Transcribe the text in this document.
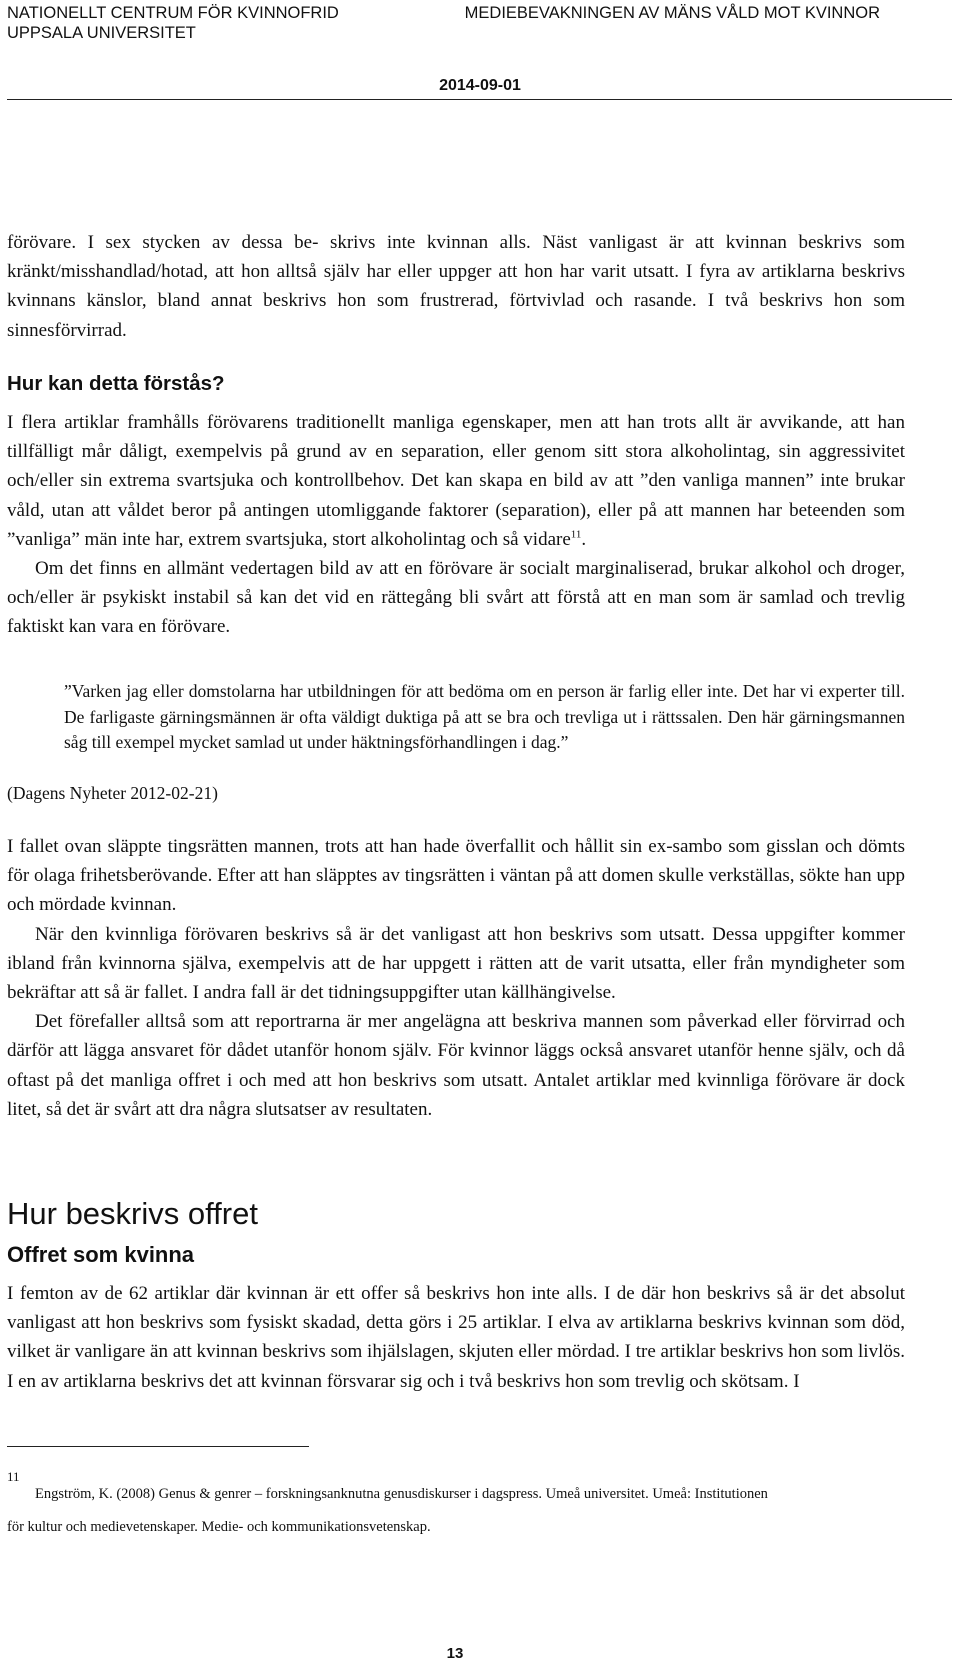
NATIONELLT CENTRUM FÖR KVINNOFRID
UPPSALA UNIVERSITET
MEDIEBEVAKNINGEN AV MÄNS VÅLD MOT KVINNOR
2014-09-01

förövare. I sex stycken av dessa be- skrivs inte kvinnan alls. Näst vanligast är att kvinnan beskrivs som kränkt/misshandlad/hotad, att hon alltså själv har eller uppger att hon har varit utsatt. I fyra av artiklarna beskrivs kvinnans känslor, bland annat beskrivs hon som frustrerad, förtvivlad och rasande. I två beskrivs hon som sinnesförvirrad.

Hur kan detta förstås?

I flera artiklar framhålls förövarens traditionellt manliga egenskaper, men att han trots allt är avvikande, att han tillfälligt mår dåligt, exempelvis på grund av en separation, eller genom sitt stora alkoholintag, sin aggressivitet och/eller sin extrema svartsjuka och kontrollbehov. Det kan skapa en bild av att ”den vanliga mannen” inte brukar våld, utan att våldet beror på antingen utomliggande faktorer (separation), eller på att mannen har beteenden som ”vanliga” män inte har, extrem svartsjuka, stort alkoholintag och så vidare$^{11}$.

Om det finns en allmänt vedertagen bild av att en förövare är socialt marginaliserad, brukar alkohol och droger, och/eller är psykiskt instabil så kan det vid en rättegång bli svårt att förstå att en man som är samlad och trevlig faktiskt kan vara en förövare.

”Varken jag eller domstolarna har utbildningen för att bedöma om en person är farlig eller inte. Det har vi experter till. De farligaste gärningsmännen är ofta väldigt duktiga på att se bra och trevliga ut i rättssalen. Den här gärningsmannen såg till exempel mycket samlad ut under häktningsförhandlingen i dag.”
(Dagens Nyheter 2012-02-21)

I fallet ovan släppte tingsrätten mannen, trots att han hade överfallit och hållit sin ex-sambo som gisslan och dömts för olaga frihetsberövande. Efter att han släpptes av tingsrätten i väntan på att domen skulle verkställas, sökte han upp och mördade kvinnan.

När den kvinnliga förövaren beskrivs så är det vanligast att hon beskrivs som utsatt. Dessa uppgifter kommer ibland från kvinnorna själva, exempelvis att de har uppgett i rätten att de varit utsatta, eller från myndigheter som bekräftar att så är fallet. I andra fall är det tidningsuppgifter utan källhängivelse.

Det förefaller alltså som att reportrarna är mer angelägna att beskriva mannen som påverkad eller förvirrad och därför att lägga ansvaret för dådet utanför honom själv. För kvinnor läggs också ansvaret utanför henne själv, och då oftast på det manliga offret i och med att hon beskrivs som utsatt. Antalet artiklar med kvinnliga förövare är dock litet, så det är svårt att dra några slutsatser av resultaten.

Hur beskrivs offret
Offret som kvinna

I femton av de 62 artiklar där kvinnan är ett offer så beskrivs hon inte alls. I de där hon beskrivs så är det absolut vanligast att hon beskrivs som fysiskt skadad, detta görs i 25 artiklar. I elva av artiklarna beskrivs kvinnan som död, vilket är vanligare än att kvinnan beskrivs som ihjälslagen, skjuten eller mördad. I tre artiklar beskrivs hon som livlös. I en av artiklarna beskrivs det att kvinnan försvarar sig och i två beskrivs hon som trevlig och skötsam. I

11
Engström, K. (2008) Genus & genrer – forskningsanknutna genusdiskurser i dagspress. Umeå universitet. Umeå: Institutionen
för kultur och medievetenskaper. Medie- och kommunikationsvetenskap.
13
